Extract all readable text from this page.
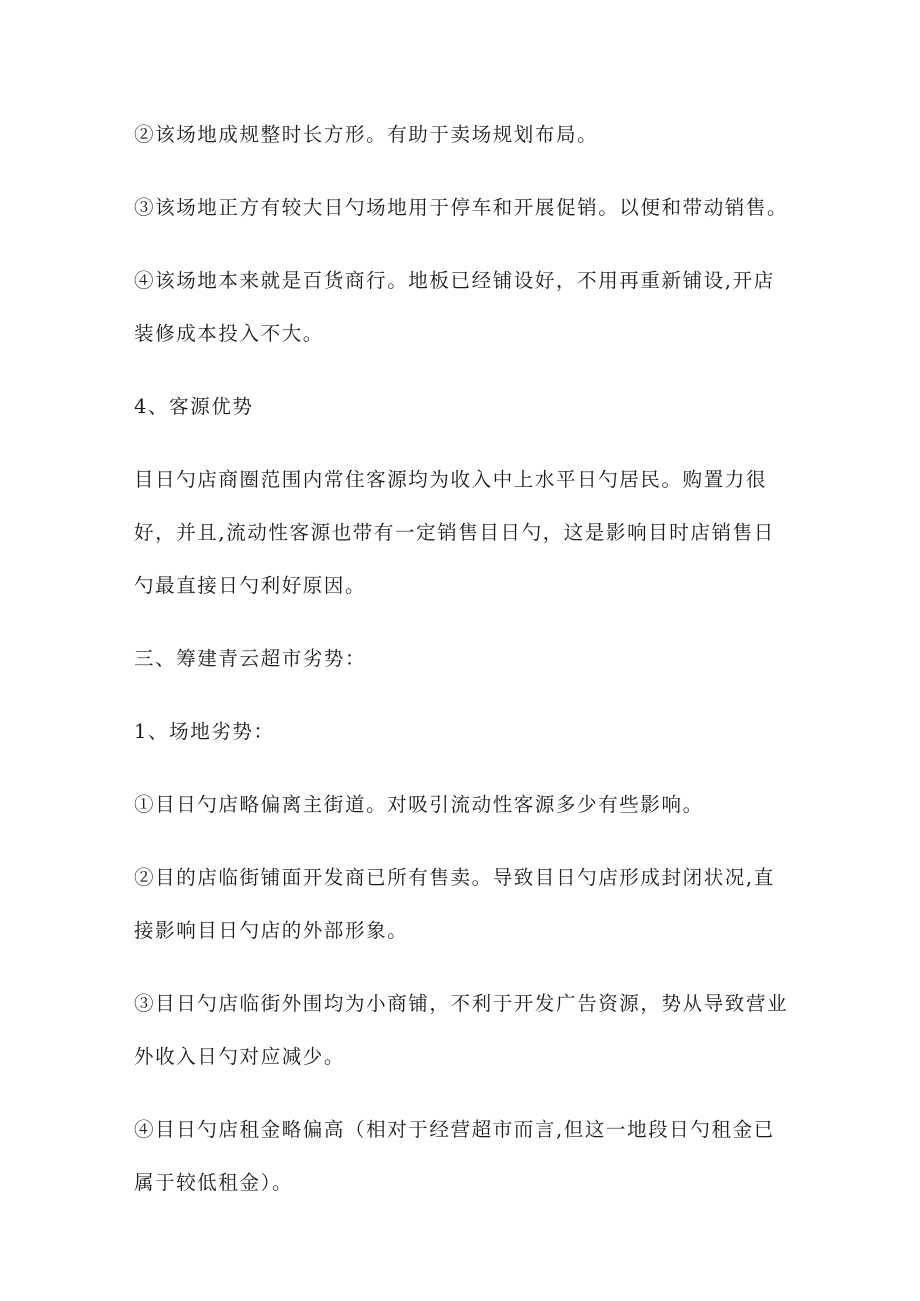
②该场地成规整时长方形。有助于卖场规划布局。

③该场地正方有较大日勺场地用于停车和开展促销。以便和带动销售。

④该场地本来就是百货商行。地板已经铺设好，不用再重新铺设,开店装修成本投入不大。

4、客源优势

目日勺店商圈范围内常住客源均为收入中上水平日勺居民。购置力很好，并且,流动性客源也带有一定销售目日勺，这是影响目时店销售日勺最直接日勺利好原因。

三、筹建青云超市劣势：

1、场地劣势：

①目日勺店略偏离主街道。对吸引流动性客源多少有些影响。

②目的店临街铺面开发商已所有售卖。导致目日勺店形成封闭状况,直接影响目日勺店的外部形象。

③目日勺店临街外围均为小商铺，不利于开发广告资源，势从导致营业外收入日勺对应减少。

④目日勺店租金略偏高（相对于经营超市而言,但这一地段日勺租金已属于较低租金）。
